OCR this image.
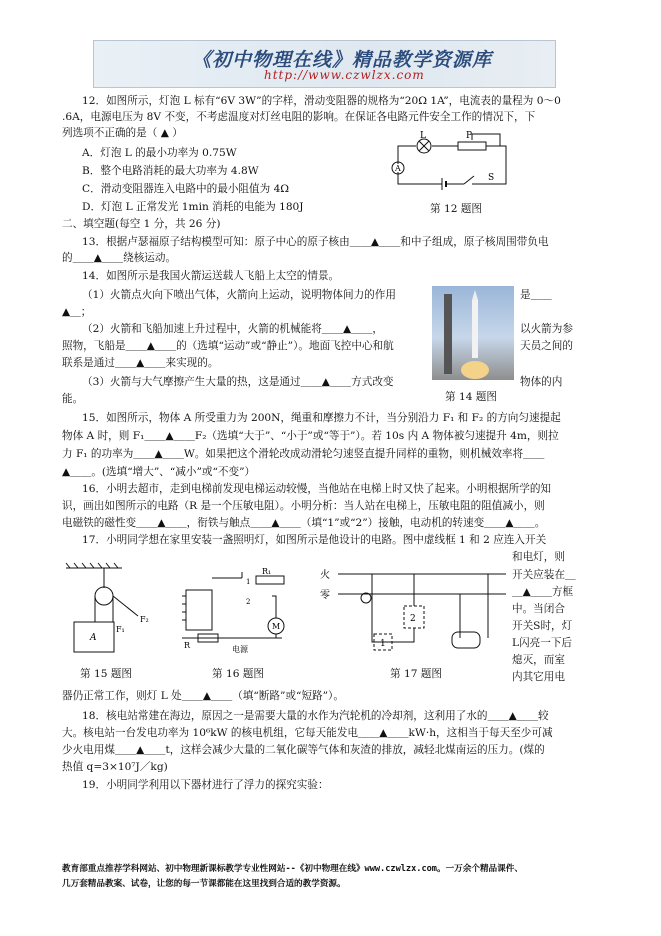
《初中物理在线》精品教学资源库
http://www.czwlzx.com
12．如图所示，灯泡 L 标有“6V 3W”的字样，滑动变阻器的规格为“20Ω 1A”，电流表的量程为 0～0
.6A，电源电压为 8V 不变，不考虑温度对灯丝电阻的影响。在保证各电路元件安全工作的情况下，下
列选项不正确的是（ ▲ ）
A．灯泡 L 的最小功率为 0.75W
B．整个电路消耗的最大功率为 4.8W
C．滑动变阻器连入电路中的最小阻值为 4Ω
D．灯泡 L 正常发光 1min 消耗的电能为 180J
二、填空题(每空 1 分，共 26 分)
13．根据卢瑟福原子结构模型可知：原子中心的原子核由＿＿▲＿＿和中子组成，原子核周围带负电
的＿＿▲＿＿绕核运动。
14．如图所示是我国火箭运送载人飞船上太空的情景。
（1）火箭点火向下喷出气体，火箭向上运动，说明物体间力的作用
▲＿；
（2）火箭和飞船加速上升过程中，火箭的机械能将＿＿▲＿＿，
照物，飞船是＿＿▲＿＿的（选填“运动”或“静止”）。地面飞控中心和航
联系是通过＿＿▲＿＿来实现的。
（3）火箭与大气摩擦产生大量的热，这是通过＿＿▲＿＿方式改变
能。
15．如图所示，物体 A 所受重力为 200N，绳重和摩擦力不计，当分别沿力 F₁ 和 F₂ 的方向匀速提起
物体 A 时，则 F₁＿＿▲＿＿F₂（选填“大于”、“小于”或“等于”）。若 10s 内 A 物体被匀速提升 4m，则拉
力 F₁ 的功率为＿＿▲＿＿W。如果把这个滑轮改成动滑轮匀速竖直提升同样的重物，则机械效率将＿＿
▲＿＿。(选填“增大”、“减小”或“不变”）
16．小明去超市，走到电梯前发现电梯运动较慢，当他站在电梯上时又快了起来。小明根据所学的知
识，画出如图所示的电路（R 是一个压敏电阻）。小明分析：当人站在电梯上，压敏电阻的阻值减小，则
电磁铁的磁性变＿＿▲＿＿，衔铁与触点＿＿▲＿＿（填“1”或“2”）接触，电动机的转速变＿＿▲＿＿。
17．小明同学想在家里安装一盏照明灯，如图所示是他设计的电路。图中虚线框 1 和 2 应连入开关
器仍正常工作，则灯 L 处＿＿▲＿＿（填“断路”或“短路”）。
18．核电站常建在海边，原因之一是需要大量的水作为汽轮机的冷却剂，这利用了水的＿＿▲＿＿较
大。核电站一台发电功率为 10⁶kW 的核电机组，它每天能发电＿＿▲＿＿kW·h，这相当于每天至少可减
少火电用煤＿＿▲＿＿t，这样会减少大量的二氧化碳等气体和灰渣的排放，减轻北煤南运的压力。(煤的
热值 q=3×10⁷J／kg)
19．小明同学利用以下器材进行了浮力的探究实验：
是＿＿
以火箭为参
天员之间的
物体的内
和电灯，则
开关应装在＿
＿▲＿＿方框
中。当闭合
开关S时，灯
L闪亮一下后
熄灭，而室
内其它用电
A
L	P
S
第 12 题图
第 14 题图
A
F₁
F₂
第 15 题图
R₁
M
R	电源
1
2
第 16 题图
火
零
2
1
第 17 题图
教育部重点推荐学科网站、初中物理新课标教学专业性网站--《初中物理在线》www.czwlzx.com。一万余个精品课件、
几万套精品教案、试卷，让您的每一节课都能在这里找到合适的教学资源。
